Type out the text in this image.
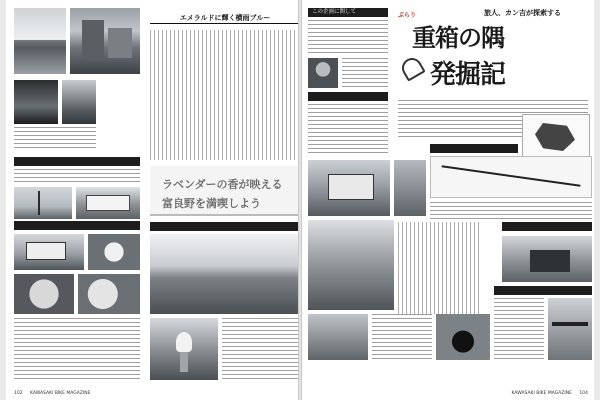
エメラルドに輝く横雨ブルー
ラベンダーの香が映える
富良野を満喫しよう
102 KAWASAKI BIKE MAGAZINE
この企画に関して	ぶらり
重箱の隅
発掘記
旅人、カン吉が探索する
KAWASAKI BIKE MAGAZINE 104
